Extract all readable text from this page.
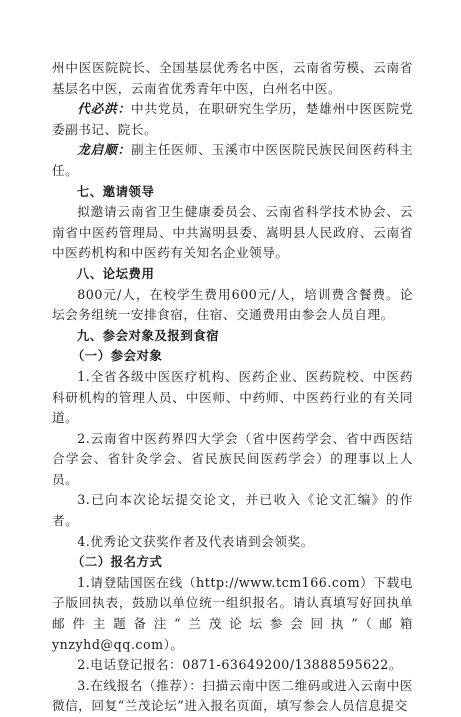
州中医医院院长、全国基层优秀名中医，云南省劳模、云南省基层名中医，云南省优秀青年中医，白州名中医。

代必洪：中共党员，在职研究生学历，楚雄州中医医院党委副书记、院长。

龙启顺：副主任医师、玉溪市中医医院民族民间医药科主任。

七、邀请领导

拟邀请云南省卫生健康委员会、云南省科学技术协会、云南省中医药管理局、中共嵩明县委、嵩明县人民政府、云南省中医药机构和中医药有关知名企业领导。

八、论坛费用

800元/人，在校学生费用600元/人，培训费含餐费。论坛会务组统一安排食宿，住宿、交通费用由参会人员自理。

九、参会对象及报到食宿

（一）参会对象

1.全省各级中医医疗机构、医药企业、医药院校、中医药科研机构的管理人员、中医师、中药师、中医药行业的有关同道。

2.云南省中医药界四大学会（省中医药学会、省中西医结合学会、省针灸学会、省民族民间医药学会）的理事以上人员。

3.已向本次论坛提交论文，并已收入《论文汇编》的作者。

4.优秀论文获奖作者及代表请到会领奖。

（二）报名方式

1.请登陆国医在线（http://www.tcm166.com）下载电子版回执表，鼓励以单位统一组织报名。请认真填写好回执单邮件主题备注“兰茂论坛参会回执”（邮箱ynzyhd@qq.com）。

2.电话登记报名：0871-63649200/13888595622。

3.在线报名（推荐）：扫描云南中医二维码或进入云南中医微信，回复“兰茂论坛”进入报名页面，填写参会人员信息提交
